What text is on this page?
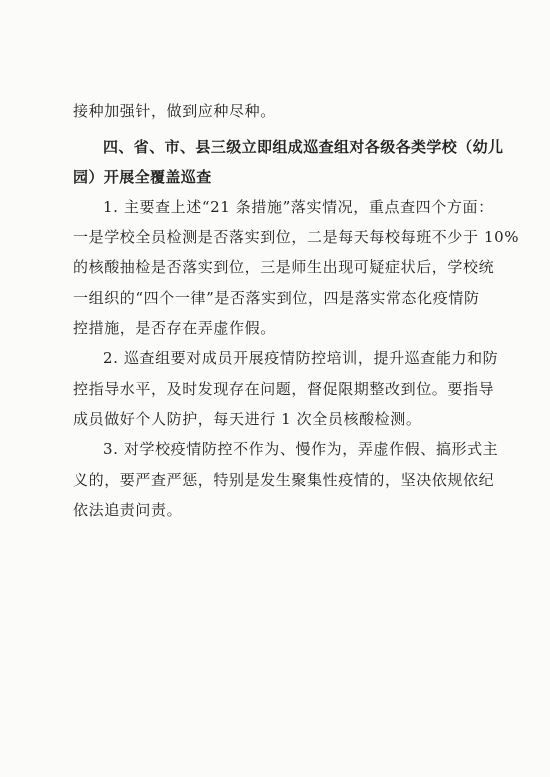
接种加强针，做到应种尽种。
四、省、市、县三级立即组成巡查组对各级各类学校（幼儿
园）开展全覆盖巡查
1. 主要查上述“21 条措施”落实情况，重点查四个方面：
一是学校全员检测是否落实到位，二是每天每校每班不少于 10%
的核酸抽检是否落实到位，三是师生出现可疑症状后，学校统
一组织的“四个一律”是否落实到位，四是落实常态化疫情防
控措施，是否存在弄虚作假。
2. 巡查组要对成员开展疫情防控培训，提升巡查能力和防
控指导水平，及时发现存在问题，督促限期整改到位。要指导
成员做好个人防护，每天进行 1 次全员核酸检测。
3. 对学校疫情防控不作为、慢作为，弄虚作假、搞形式主
义的，要严查严惩，特别是发生聚集性疫情的，坚决依规依纪
依法追责问责。
